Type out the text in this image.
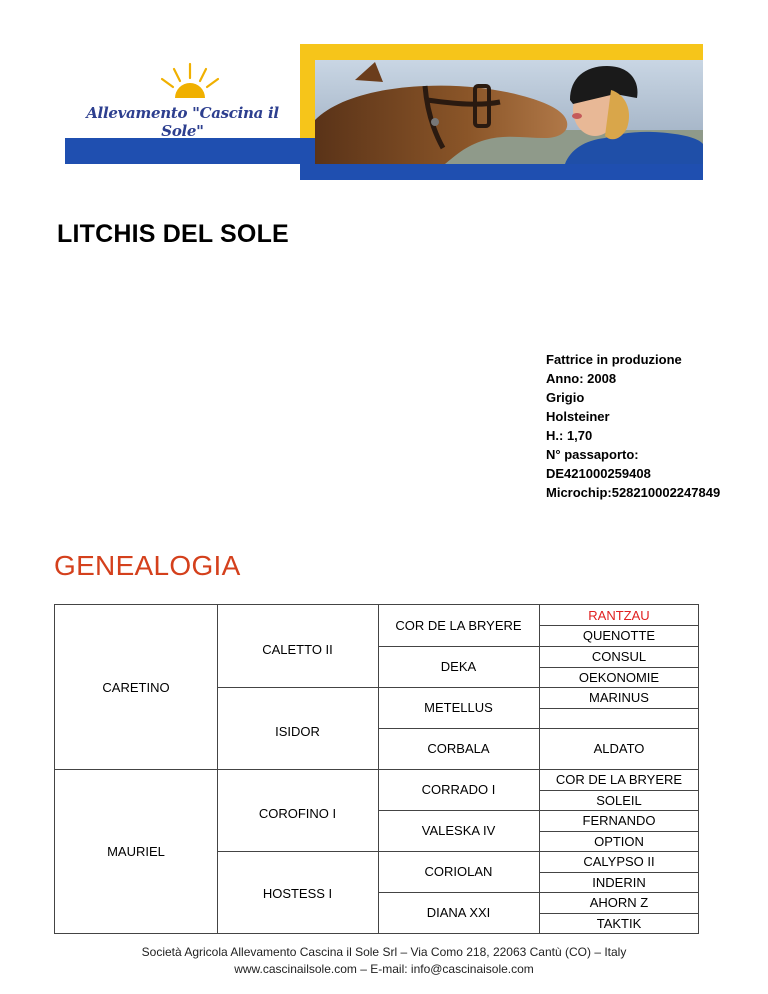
Allevamento "Cascina il Sole"
LITCHIS DEL SOLE
Fattrice in produzione
Anno: 2008
Grigio
Holsteiner
H.: 1,70
N° passaporto:
DE421000259408
Microchip:528210002247849
GENEALOGIA
CARETINO
MAURIEL
CALETTO II
ISIDOR
COROFINO I
HOSTESS I
COR DE LA BRYERE
DEKA
METELLUS
CORBALA
CORRADO I
VALESKA IV
CORIOLAN
DIANA XXI
RANTZAU
QUENOTTE
CONSUL
OEKONOMIE
MARINUS
ALDATO
COR DE LA BRYERE
SOLEIL
FERNANDO
OPTION
CALYPSO II
INDERIN
AHORN Z
TAKTIK
Società Agricola Allevamento Cascina il Sole Srl – Via Como 218, 22063 Cantù (CO) – Italy
www.cascinailsole.com – E-mail: info@cascinaisole.com
